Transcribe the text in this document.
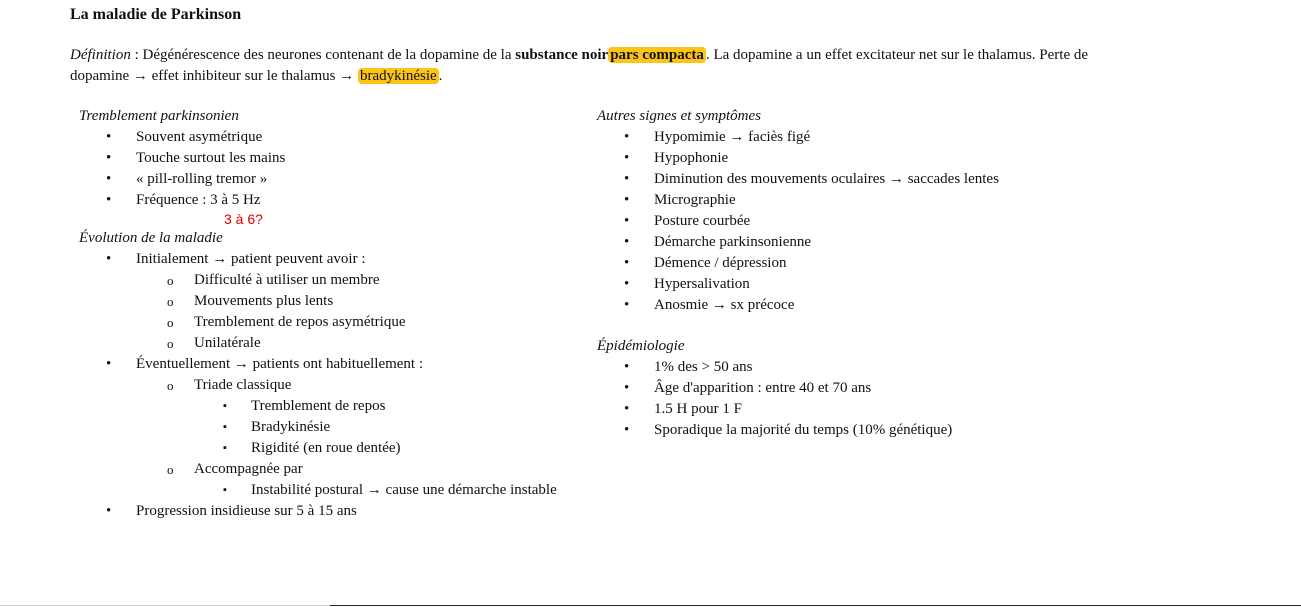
La maladie de Parkinson
Définition : Dégénérescence des neurones contenant de la dopamine de la substance noir pars compacta . La dopamine a un effet excitateur net sur le thalamus. Perte de dopamine → effet inhibiteur sur le thalamus → bradykinésie .

Tremblement parkinsonien

• Souvent asymétrique
• Touche surtout les mains
• « pill-rolling tremor »
• Fréquence : 3 à 5 Hz
3 à 6?

Évolution de la maladie

• Initialement → patient peuvent avoir :
o Difficulté à utiliser un membre
o Mouvements plus lents
o Tremblement de repos asymétrique
o Unilatérale
• Éventuellement → patients ont habituellement :
o Triade classique
▪ Tremblement de repos
▪ Bradykinésie
▪ Rigidité (en roue dentée)
o Accompagnée par
▪ Instabilité postural → cause une démarche instable
• Progression insidieuse sur 5 à 15 ans

Autres signes et symptômes

• Hypomimie → faciès figé
• Hypophonie
• Diminution des mouvements oculaires → saccades lentes
• Micrographie
• Posture courbée
• Démarche parkinsonienne
• Démence / dépression
• Hypersalivation
• Anosmie → sx précoce

Épidémiologie

• 1% des > 50 ans
• Âge d'apparition : entre 40 et 70 ans
• 1.5 H pour 1 F
• Sporadique la majorité du temps (10% génétique)
